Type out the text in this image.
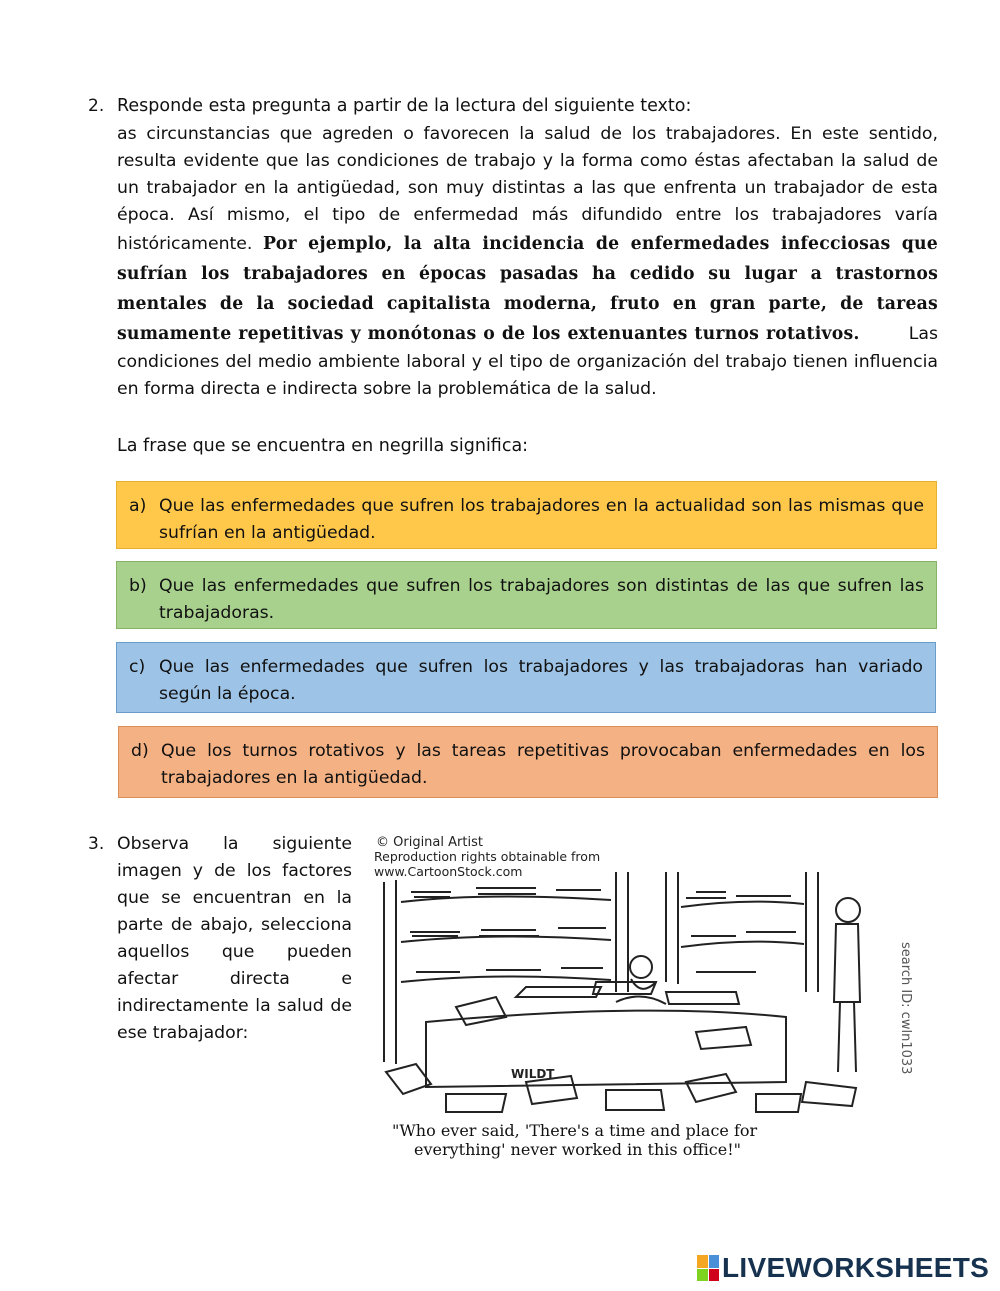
2. Responde esta pregunta a partir de la lectura del siguiente texto:
as circunstancias que agreden o favorecen la salud de los trabajadores. En este sentido, resulta evidente que las condiciones de trabajo y la forma como éstas afectaban la salud de un trabajador en la antigüedad, son muy distintas a las que enfrenta un trabajador de esta época. Así mismo, el tipo de enfermedad más difundido entre los trabajadores varía históricamente. Por ejemplo, la alta incidencia de enfermedades infecciosas que sufrían los trabajadores en épocas pasadas ha cedido su lugar a trastornos mentales de la sociedad capitalista moderna, fruto en gran parte, de tareas sumamente repetitivas y monótonas o de los extenuantes turnos rotativos.	Las condiciones del medio ambiente laboral y el tipo de organización del trabajo tienen influencia en forma directa e indirecta sobre la problemática de la salud.
La frase que se encuentra en negrilla significa:
a) Que las enfermedades que sufren los trabajadores en la actualidad son las mismas que sufrían en la antigüedad.
b) Que las enfermedades que sufren los trabajadores son distintas de las que sufren las trabajadoras.
c) Que las enfermedades que sufren los trabajadores y las trabajadoras han variado según la época.
d) Que los turnos rotativos y las tareas repetitivas provocaban enfermedades en los trabajadores en la antigüedad.
3. Observa la siguiente imagen y de los factores que se encuentran en la parte de abajo, selecciona aquellos que pueden afectar directa e indirectamente la salud de ese trabajador:
© Original Artist
Reproduction rights obtainable from
www.CartoonStock.com
WILDT	search ID: cwln1033
"Who ever said, 'There's a time and place for
everything' never worked in this office!"
LIVEWORKSHEETS
